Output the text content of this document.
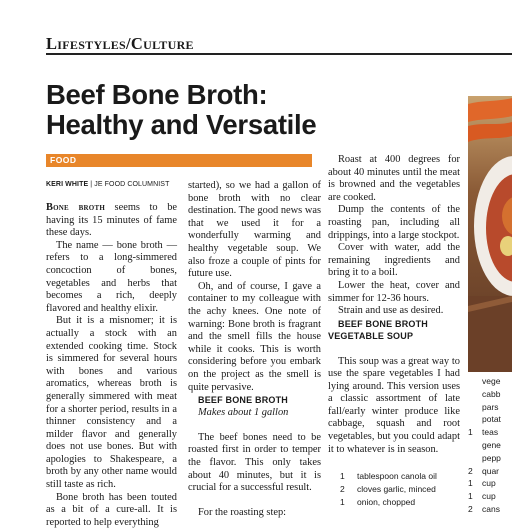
Lifestyles/Culture
Beef Bone Broth:
Healthy and Versatile
FOOD
KERI WHITE | JE FOOD COLUMNIST

Bone broth seems to be having its 15 minutes of fame these days.

The name — bone broth — refers to a long-simmered concoction of bones, vegetables and herbs that becomes a rich, deeply flavored and healthy elixir.

But it is a misnomer; it is actually a stock with an extended cooking time. Stock is simmered for several hours with bones and various aromatics, whereas broth is generally simmered with meat for a shorter period, results in a thinner consistency and a milder flavor and generally does not use bones. But with apologies to Shakespeare, a broth by any other name would still taste as rich.

Bone broth has been touted as a bit of a cure-all. It is reported to help everything

started), so we had a gallon of bone broth with no clear destination. The good news was that we used it for a wonderfully warming and healthy vegetable soup. We also froze a couple of pints for future use.

Oh, and of course, I gave a container to my colleague with the achy knees. One note of warning: Bone broth is fragrant and the smell fills the house while it cooks. This is worth considering before you embark on the project as the smell is quite pervasive.

BEEF BONE BROTH

Makes about 1 gallon

The beef bones need to be roasted first in order to temper the flavor. This only takes about 40 minutes, but it is crucial for a successful result.

For the roasting step:

Roast at 400 degrees for about 40 minutes until the meat is browned and the vegetables are cooked.

Dump the contents of the roasting pan, including all drippings, into a large stockpot.

Cover with water, add the remaining ingredients and bring it to a boil.

Lower the heat, cover and simmer for 12-36 hours.

Strain and use as desired.

BEEF BONE BROTH
VEGETABLE SOUP

This soup was a great way to use the spare vegetables I had lying around. This version uses a classic assortment of late fall/early winter produce like cabbage, squash and root vegetables, but you could adapt it to whatever is in season.

1	tablespoon canola oil
2	cloves garlic, minced
1	onion, chopped
vege
cabb
pars
potat
1	teas
gene
pepp
2	quar
1	cup
1	cup
2	cans
